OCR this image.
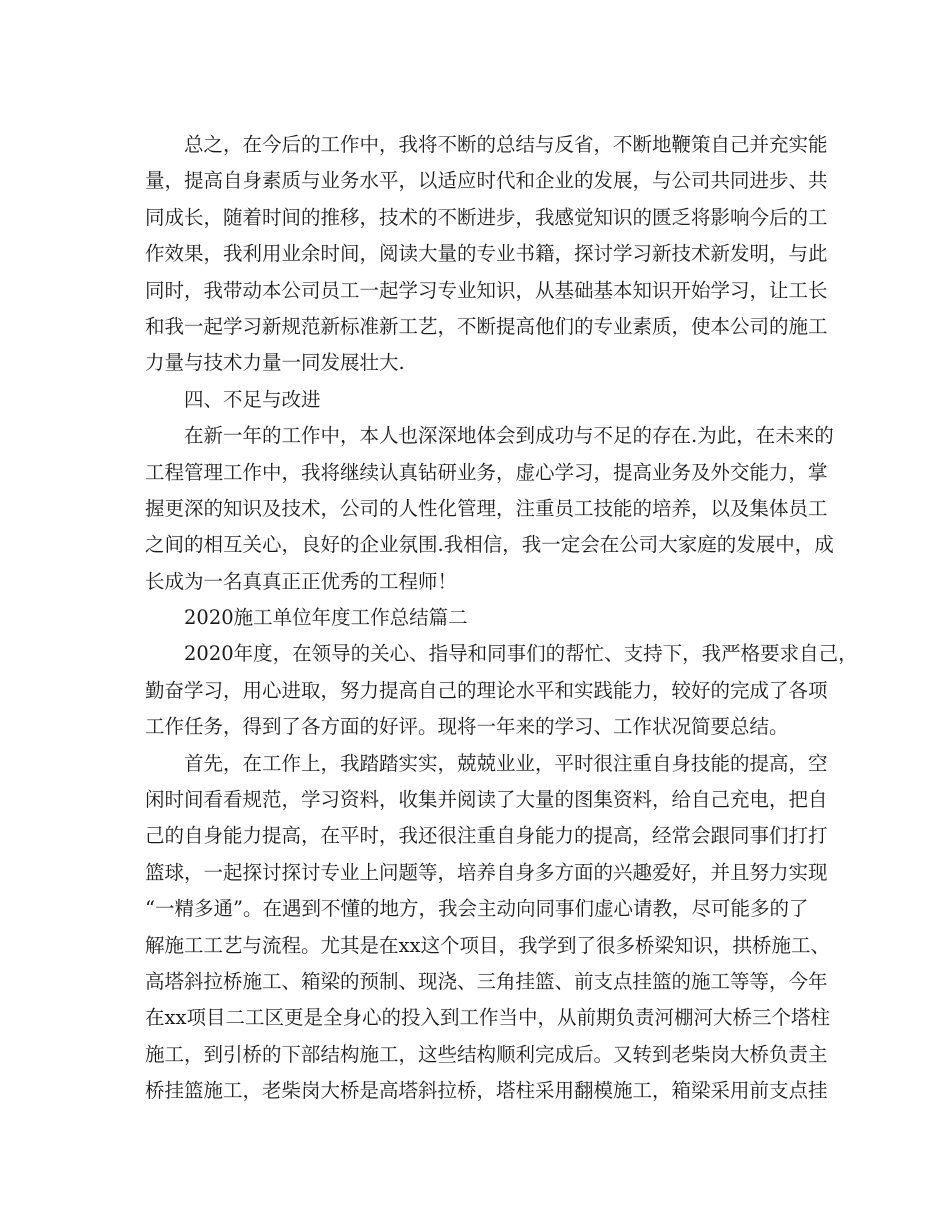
总之，在今后的工作中，我将不断的总结与反省，不断地鞭策自己并充实能
量，提高自身素质与业务水平，以适应时代和企业的发展，与公司共同进步、共
同成长，随着时间的推移，技术的不断进步，我感觉知识的匮乏将影响今后的工
作效果，我利用业余时间，阅读大量的专业书籍，探讨学习新技术新发明，与此
同时，我带动本公司员工一起学习专业知识，从基础基本知识开始学习，让工长
和我一起学习新规范新标准新工艺，不断提高他们的专业素质，使本公司的施工
力量与技术力量一同发展壮大.
四、不足与改进
在新一年的工作中，本人也深深地体会到成功与不足的存在.为此，在未来的
工程管理工作中，我将继续认真钻研业务，虚心学习，提高业务及外交能力，掌
握更深的知识及技术，公司的人性化管理，注重员工技能的培养，以及集体员工
之间的相互关心，良好的企业氛围.我相信，我一定会在公司大家庭的发展中，成
长成为一名真真正正优秀的工程师！
2020施工单位年度工作总结篇二
2020年度，在领导的关心、指导和同事们的帮忙、支持下，我严格要求自己，
勤奋学习，用心进取，努力提高自己的理论水平和实践能力，较好的完成了各项
工作任务，得到了各方面的好评。现将一年来的学习、工作状况简要总结。
首先，在工作上，我踏踏实实，兢兢业业，平时很注重自身技能的提高，空
闲时间看看规范，学习资料，收集并阅读了大量的图集资料，给自己充电，把自
己的自身能力提高，在平时，我还很注重自身能力的提高，经常会跟同事们打打
篮球，一起探讨探讨专业上问题等，培养自身多方面的兴趣爱好，并且努力实现
“一精多通”。在遇到不懂的地方，我会主动向同事们虚心请教，尽可能多的了
解施工工艺与流程。尤其是在xx这个项目，我学到了很多桥梁知识，拱桥施工、
高塔斜拉桥施工、箱梁的预制、现浇、三角挂篮、前支点挂篮的施工等等，今年
在xx项目二工区更是全身心的投入到工作当中，从前期负责河棚河大桥三个塔柱
施工，到引桥的下部结构施工，这些结构顺利完成后。又转到老柴岗大桥负责主
桥挂篮施工，老柴岗大桥是高塔斜拉桥，塔柱采用翻模施工，箱梁采用前支点挂
